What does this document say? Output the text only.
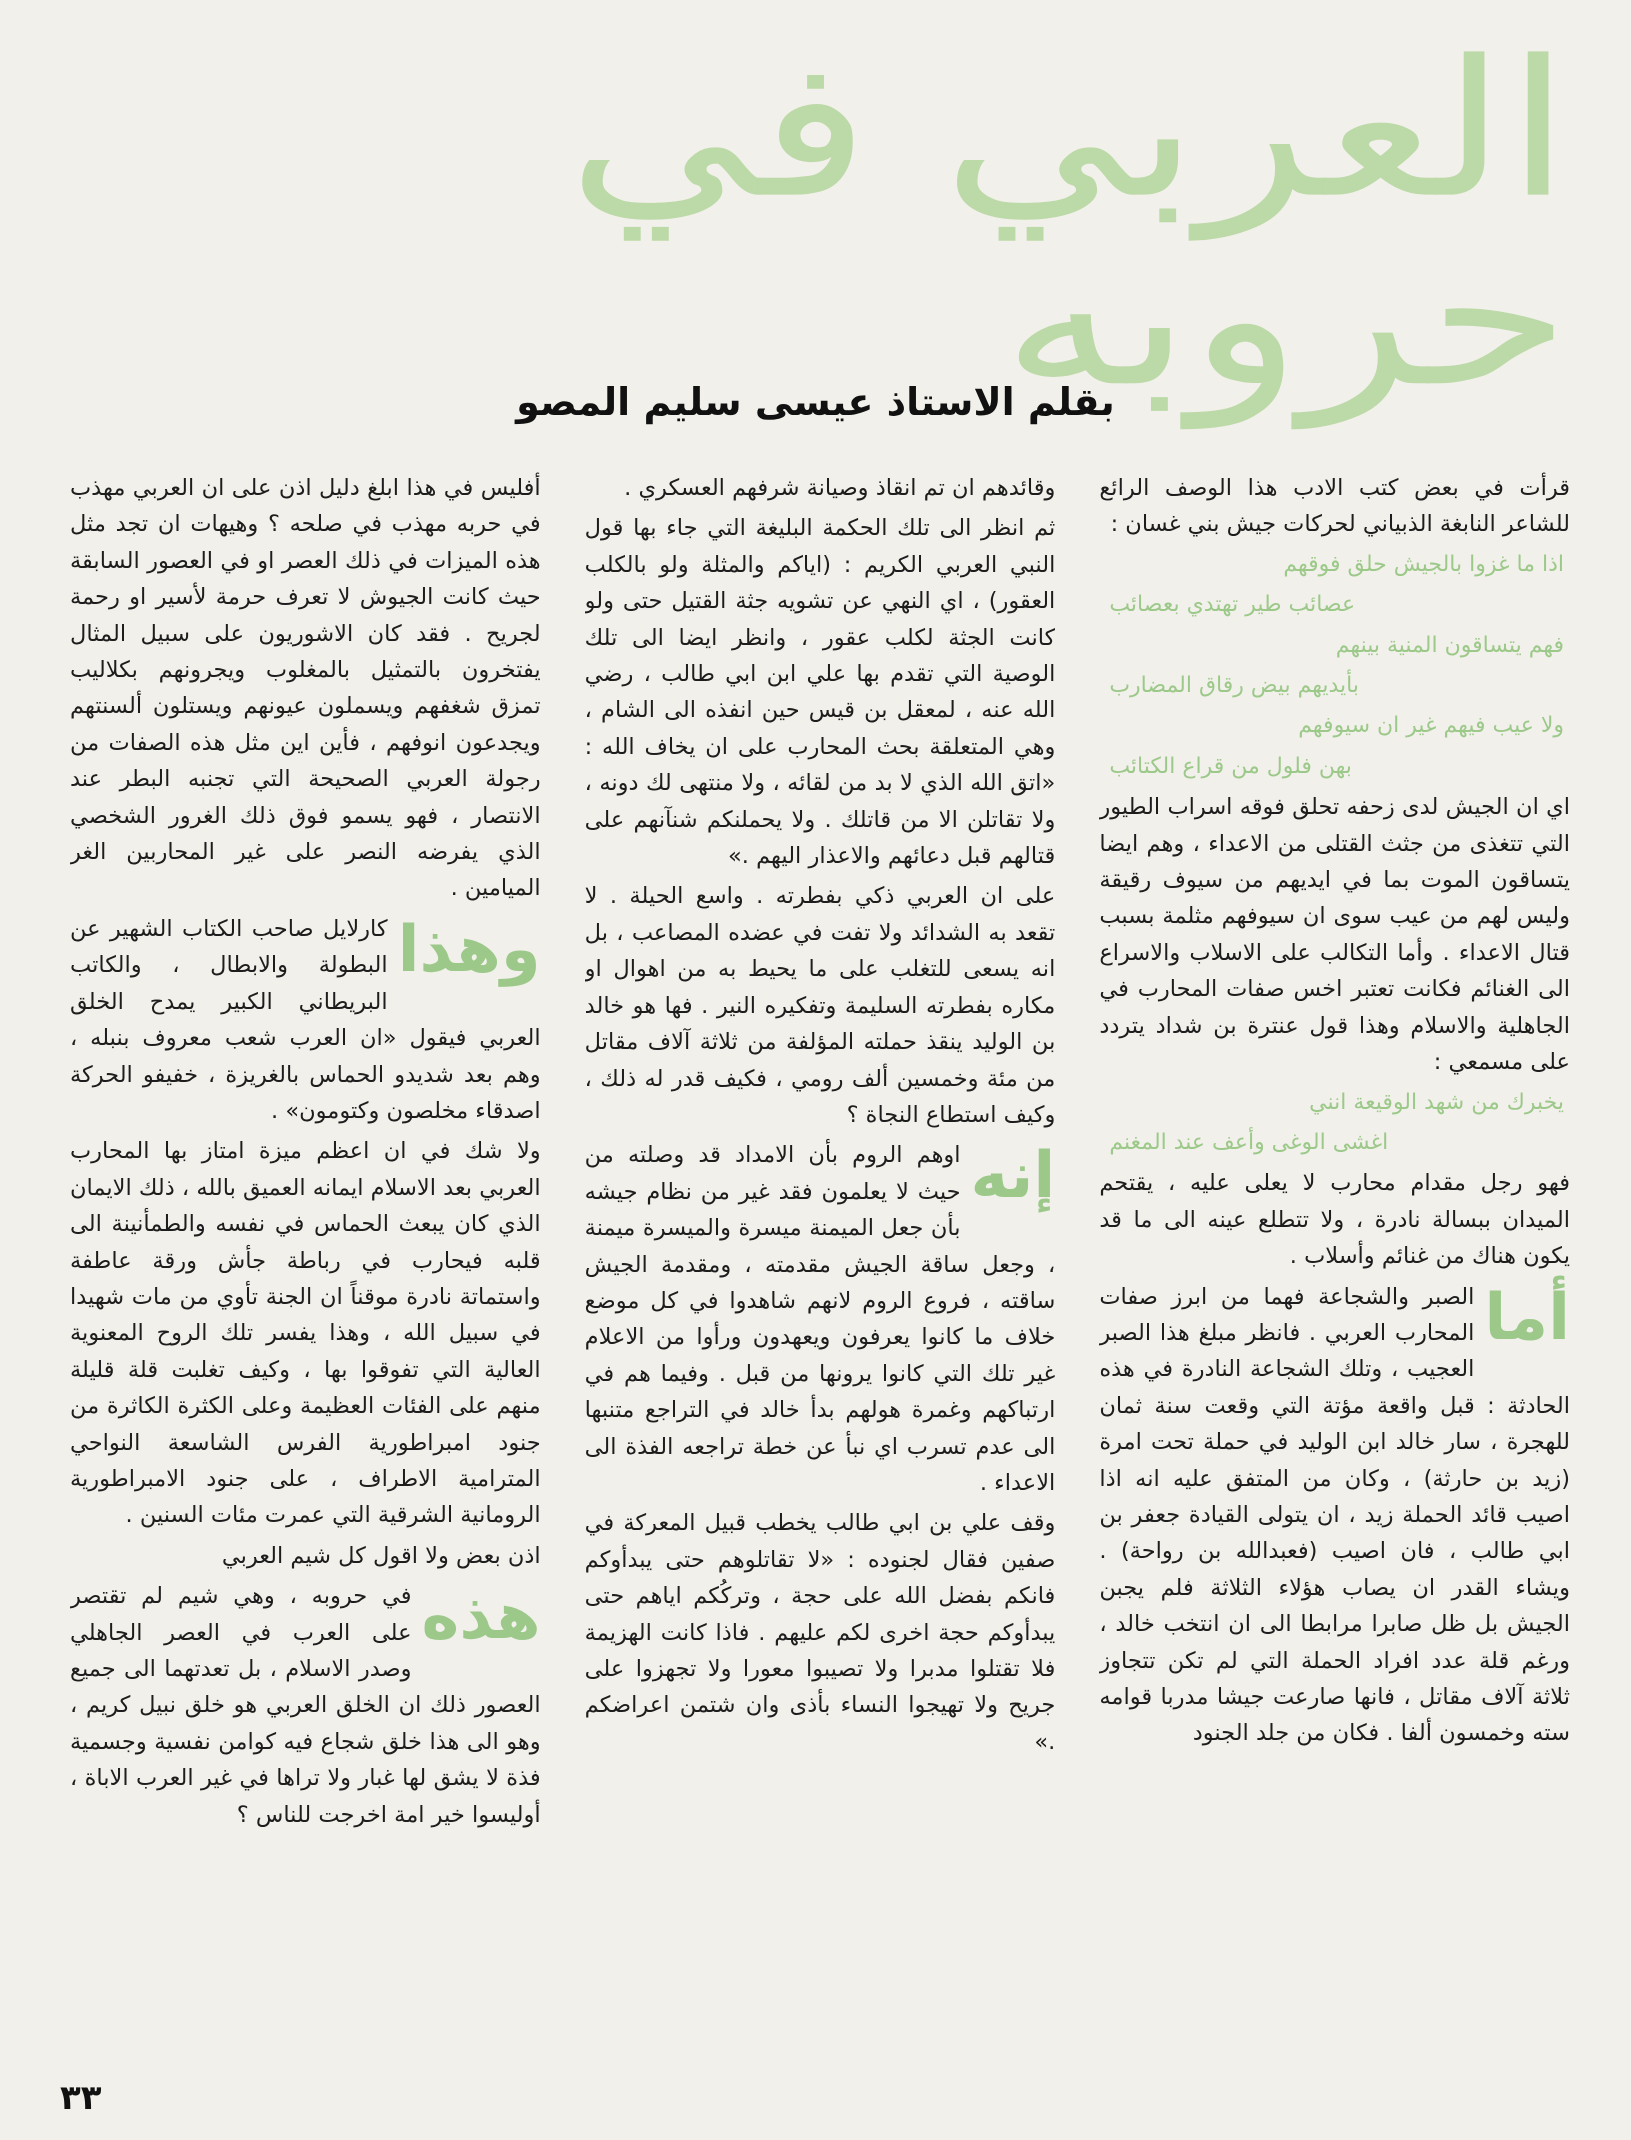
العربي في حروبه
بقلم الاستاذ عيسى سليم المصو

قرأت في بعض كتب الادب هذا الوصف الرائع للشاعر النابغة الذبياني لحركات جيش بني غسان :

اذا ما غزوا بالجيش حلق فوقهم

عصائب طير تهتدي بعصائب

فهم يتساقون المنية بينهم

بأيديهم بيض رقاق المضارب

ولا عيب فيهم غير ان سيوفهم

بهن فلول من قراع الكتائب

اي ان الجيش لدى زحفه تحلق فوقه اسراب الطيور التي تتغذى من جثث القتلى من الاعداء ، وهم ايضا يتساقون الموت بما في ايديهم من سيوف رقيقة وليس لهم من عيب سوى ان سيوفهم مثلمة بسبب قتال الاعداء . وأما التكالب على الاسلاب والاسراع الى الغنائم فكانت تعتبر اخس صفات المحارب في الجاهلية والاسلام وهذا قول عنترة بن شداد يتردد على مسمعي :

يخبرك من شهد الوقيعة انني

اغشى الوغى وأعف عند المغنم

فهو رجل مقدام محارب لا يعلى عليه ، يقتحم الميدان ببسالة نادرة ، ولا تتطلع عينه الى ما قد يكون هناك من غنائم وأسلاب .

أما
الصبر والشجاعة فهما من ابرز صفات المحارب العربي . فانظر مبلغ هذا الصبر العجيب ، وتلك الشجاعة النادرة في هذه الحادثة : قبل واقعة مؤتة التي وقعت سنة ثمان للهجرة ، سار خالد ابن الوليد في حملة تحت امرة (زيد بن حارثة) ، وكان من المتفق عليه انه اذا اصيب قائد الحملة زيد ، ان يتولى القيادة جعفر بن ابي طالب ، فان اصيب (فعبدالله بن رواحة) . ويشاء القدر ان يصاب هؤلاء الثلاثة فلم يجبن الجيش بل ظل صابرا مرابطا الى ان انتخب خالد ، ورغم قلة عدد افراد الحملة التي لم تكن تتجاوز ثلاثة آلاف مقاتل ، فانها صارعت جيشا مدربا قوامه سته وخمسون ألفا . فكان من جلد الجنود

وقائدهم ان تم انقاذ وصيانة شرفهم العسكري .

ثم انظر الى تلك الحكمة البليغة التي جاء بها قول النبي العربي الكريم : (اياكم والمثلة ولو بالكلب العقور) ، اي النهي عن تشويه جثة القتيل حتى ولو كانت الجثة لكلب عقور ، وانظر ايضا الى تلك الوصية التي تقدم بها علي ابن ابي طالب ، رضي الله عنه ، لمعقل بن قيس حين انفذه الى الشام ، وهي المتعلقة بحث المحارب على ان يخاف الله : «اتق الله الذي لا بد من لقائه ، ولا منتهى لك دونه ، ولا تقاتلن الا من قاتلك . ولا يحملنكم شنآنهم على قتالهم قبل دعائهم والاعذار اليهم .»

على ان العربي ذكي بفطرته . واسع الحيلة . لا تقعد به الشدائد ولا تفت في عضده المصاعب ، بل انه يسعى للتغلب على ما يحيط به من اهوال او مكاره بفطرته السليمة وتفكيره النير . فها هو خالد بن الوليد ينقذ حملته المؤلفة من ثلاثة آلاف مقاتل من مئة وخمسين ألف رومي ، فكيف قدر له ذلك ، وكيف استطاع النجاة ؟

إنه
اوهم الروم بأن الامداد قد وصلته من حيث لا يعلمون فقد غير من نظام جيشه بأن جعل الميمنة ميسرة والميسرة ميمنة ، وجعل ساقة الجيش مقدمته ، ومقدمة الجيش ساقته ، فروع الروم لانهم شاهدوا في كل موضع خلاف ما كانوا يعرفون ويعهدون ورأوا من الاعلام غير تلك التي كانوا يرونها من قبل . وفيما هم في ارتباكهم وغمرة هولهم بدأ خالد في التراجع متنبها الى عدم تسرب اي نبأ عن خطة تراجعه الفذة الى الاعداء .

وقف علي بن ابي طالب يخطب قبيل المعركة في صفين فقال لجنوده : «لا تقاتلوهم حتى يبدأوكم فانكم بفضل الله على حجة ، وتركُكم اياهم حتى يبدأوكم حجة اخرى لكم عليهم . فاذا كانت الهزيمة فلا تقتلوا مدبرا ولا تصيبوا معورا ولا تجهزوا على جريح ولا تهيجوا النساء بأذى وان شتمن اعراضكم .»

أفليس في هذا ابلغ دليل اذن على ان العربي مهذب في حربه مهذب في صلحه ؟ وهيهات ان تجد مثل هذه الميزات في ذلك العصر او في العصور السابقة حيث كانت الجيوش لا تعرف حرمة لأسير او رحمة لجريح . فقد كان الاشوريون على سبيل المثال يفتخرون بالتمثيل بالمغلوب ويجرونهم بكلاليب تمزق شغفهم ويسملون عيونهم ويستلون ألسنتهم ويجدعون انوفهم ، فأين اين مثل هذه الصفات من رجولة العربي الصحيحة التي تجنبه البطر عند الانتصار ، فهو يسمو فوق ذلك الغرور الشخصي الذي يفرضه النصر على غير المحاربين الغر الميامين .

وهذا
كارلايل صاحب الكتاب الشهير عن البطولة والابطال ، والكاتب البريطاني الكبير يمدح الخلق العربي فيقول «ان العرب شعب معروف بنبله ، وهم بعد شديدو الحماس بالغريزة ، خفيفو الحركة اصدقاء مخلصون وكتومون» .

ولا شك في ان اعظم ميزة امتاز بها المحارب العربي بعد الاسلام ايمانه العميق بالله ، ذلك الايمان الذي كان يبعث الحماس في نفسه والطمأنينة الى قلبه فيحارب في رباطة جأش ورقة عاطفة واستماتة نادرة موقناً ان الجنة تأوي من مات شهيدا في سبيل الله ، وهذا يفسر تلك الروح المعنوية العالية التي تفوقوا بها ، وكيف تغلبت قلة قليلة منهم على الفئات العظيمة وعلى الكثرة الكاثرة من جنود امبراطورية الفرس الشاسعة النواحي المترامية الاطراف ، على جنود الامبراطورية الرومانية الشرقية التي عمرت مئات السنين .

اذن بعض ولا اقول كل شيم العربي

هذه
في حروبه ، وهي شيم لم تقتصر على العرب في العصر الجاهلي وصدر الاسلام ، بل تعدتهما الى جميع العصور ذلك ان الخلق العربي هو خلق نبيل كريم ، وهو الى هذا خلق شجاع فيه كوامن نفسية وجسمية فذة لا يشق لها غبار ولا تراها في غير العرب الاباة ، أوليسوا خير امة اخرجت للناس ؟

٣٣
